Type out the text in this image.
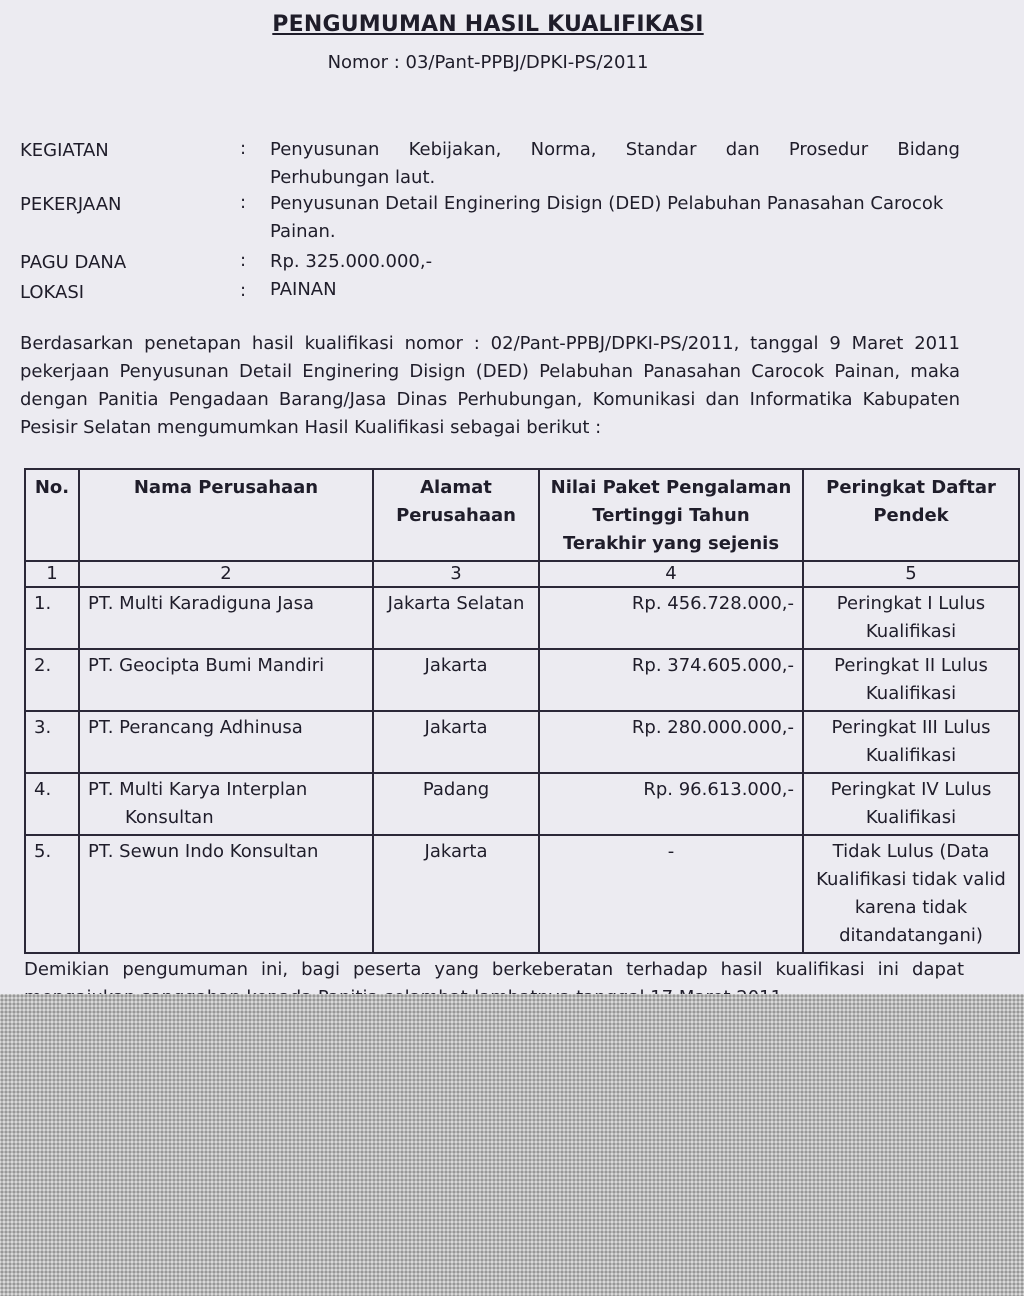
PENGUMUMAN HASIL KUALIFIKASI
Nomor : 03/Pant-PPBJ/DPKI-PS/2011
KEGIATAN	: Penyusunan Kebijakan, Norma, Standar dan Prosedur Bidang
Perhubungan laut.
PEKERJAAN	: Penyusunan Detail Enginering Disign (DED) Pelabuhan Panasahan Carocok
Painan.
PAGU DANA	: Rp. 325.000.000,-
LOKASI	: PAINAN
Berdasarkan penetapan hasil kualifikasi nomor : 02/Pant-PPBJ/DPKI-PS/2011, tanggal 9 Maret 2011 pekerjaan Penyusunan Detail Enginering Disign (DED) Pelabuhan Panasahan Carocok Painan, maka dengan Panitia Pengadaan Barang/Jasa Dinas Perhubungan, Komunikasi dan Informatika Kabupaten Pesisir Selatan mengumumkan Hasil Kualifikasi sebagai berikut :
No.	Nama Perusahaan	Alamat Perusahaan	Nilai Paket Pengalaman Tertinggi Tahun Terakhir yang sejenis	Peringkat Daftar Pendek
1	2	3	4	5
1.	PT. Multi Karadiguna Jasa	Jakarta Selatan	Rp. 456.728.000,-	Peringkat I Lulus Kualifikasi
2.	PT. Geocipta Bumi Mandiri	Jakarta	Rp. 374.605.000,-	Peringkat II Lulus Kualifikasi
3.	PT. Perancang Adhinusa	Jakarta	Rp. 280.000.000,-	Peringkat III Lulus Kualifikasi
4.	PT. Multi Karya Interplan
Konsultan	Padang	Rp. 96.613.000,-	Peringkat IV Lulus Kualifikasi
5.	PT. Sewun Indo Konsultan	Jakarta	-	Tidak Lulus (Data Kualifikasi tidak valid karena tidak ditandatangani)
Demikian pengumuman ini, bagi peserta yang berkeberatan terhadap hasil kualifikasi ini dapat
